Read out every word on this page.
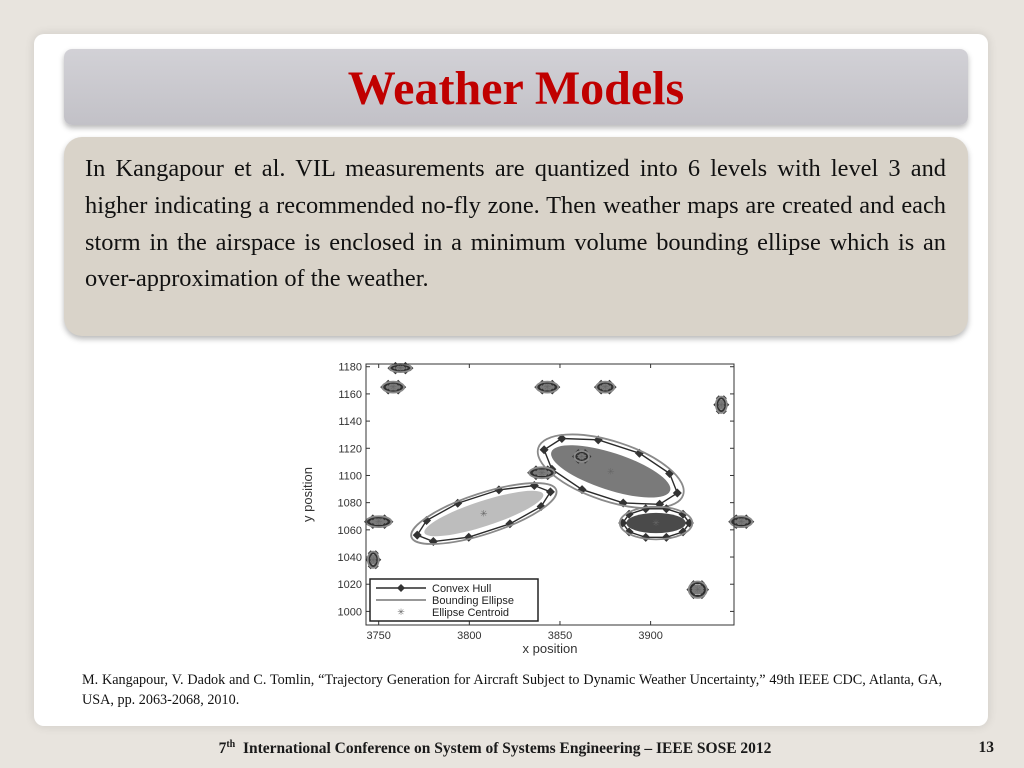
Weather Models

In Kangapour et al. VIL measurements are quantized into 6 levels with level 3 and higher indicating a recommended no-fly zone. Then weather maps are created and each storm in the airspace is enclosed in a minimum volume bounding ellipse which is an over-approximation of the weather.

3750	3800	3850	3900
1000
1020
1040
1060
1080
1100
1120
1140
1160
1180
x position
y position	✳
✳
✳
✳
✳
✳	✳
✳
✳
✳
✳
✳
✳
✳
Convex Hull
Bounding Ellipse
✳ Ellipse Centroid
M. Kangapour, V. Dadok and C. Tomlin, “Trajectory Generation for Aircraft Subject to Dynamic Weather Uncertainty,” 49th IEEE CDC, Atlanta, GA, USA, pp. 2063-2068, 2010.
7th International Conference on System of Systems Engineering – IEEE SOSE 2012	13
